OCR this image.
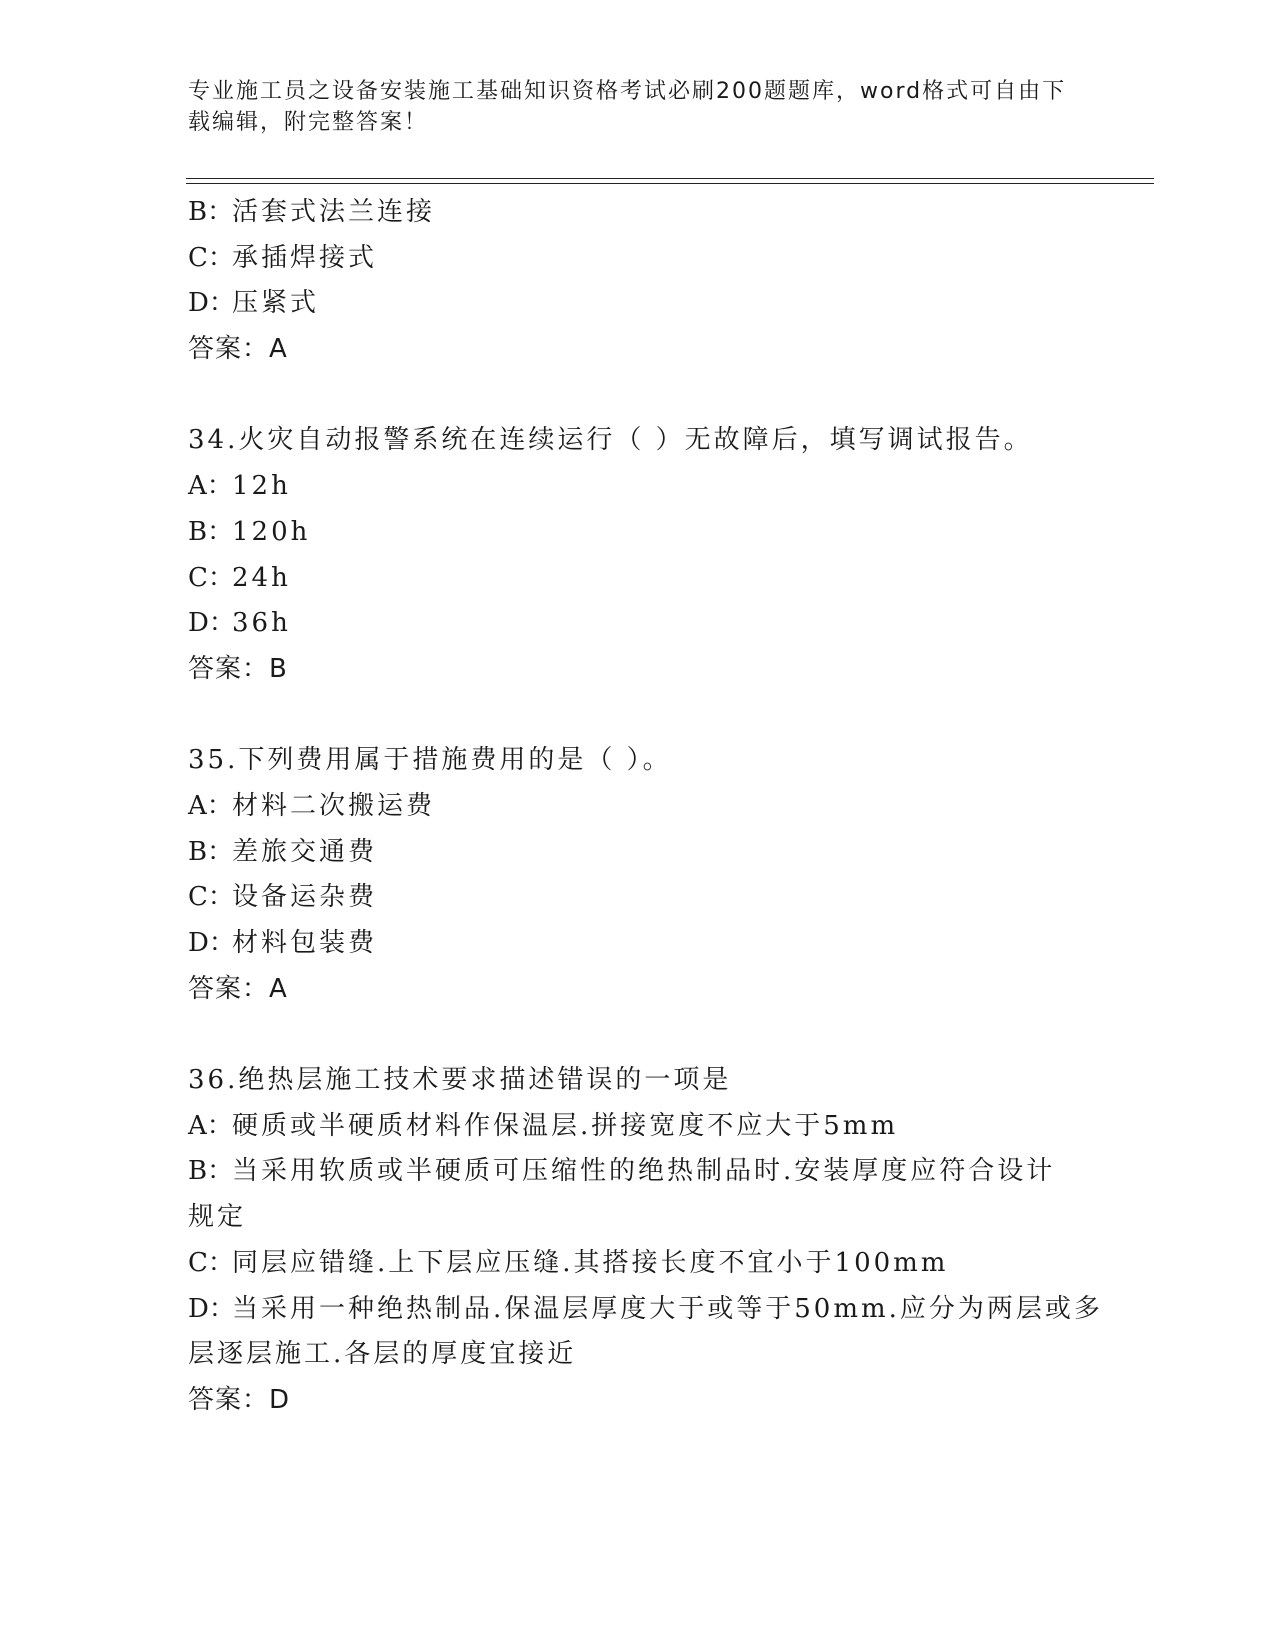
专业施工员之设备安装施工基础知识资格考试必刷200题题库，word格式可自由下载编辑，附完整答案！
B：活套式法兰连接
C：承插焊接式
D：压紧式
答案：A
34.火灾自动报警系统在连续运行（ ）无故障后，填写调试报告。
A：12h
B：120h
C：24h
D：36h
答案：B
35.下列费用属于措施费用的是（ ）。
A：材料二次搬运费
B：差旅交通费
C：设备运杂费
D：材料包装费
答案：A
36.绝热层施工技术要求描述错误的一项是
A：硬质或半硬质材料作保温层.拼接宽度不应大于5mm
B：当采用软质或半硬质可压缩性的绝热制品时.安装厚度应符合设计
规定
C：同层应错缝.上下层应压缝.其搭接长度不宜小于100mm
D：当采用一种绝热制品.保温层厚度大于或等于50mm.应分为两层或多
层逐层施工.各层的厚度宜接近
答案：D
